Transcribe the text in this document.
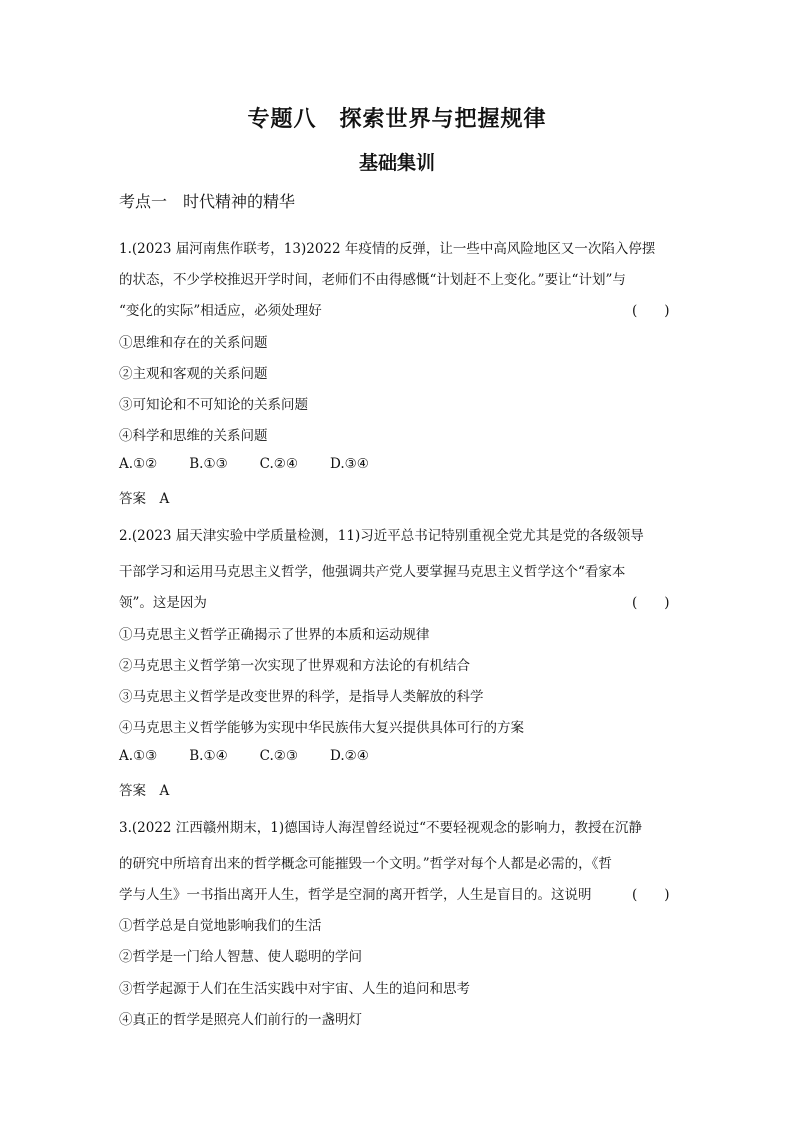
专题八　探索世界与把握规律
基础集训
考点一　时代精神的精华
1.(2023 届河南焦作联考，13)2022 年疫情的反弹，让一些中高风险地区又一次陷入停摆
的状态，不少学校推迟开学时间，老师们不由得感慨“计划赶不上变化。”要让“计划”与
“变化的实际”相适应，必须处理好	(　　)
①思维和存在的关系问题
②主观和客观的关系问题
③可知论和不可知论的关系问题
④科学和思维的关系问题
A.①② B.①③ C.②④ D.③④
答案　A
2.(2023 届天津实验中学质量检测，11)习近平总书记特别重视全党尤其是党的各级领导
干部学习和运用马克思主义哲学，他强调共产党人要掌握马克思主义哲学这个“看家本
领”。这是因为	(　　)
①马克思主义哲学正确揭示了世界的本质和运动规律
②马克思主义哲学第一次实现了世界观和方法论的有机结合
③马克思主义哲学是改变世界的科学，是指导人类解放的科学
④马克思主义哲学能够为实现中华民族伟大复兴提供具体可行的方案
A.①③ B.①④ C.②③ D.②④
答案　A
3.(2022 江西赣州期末，1)德国诗人海涅曾经说过“不要轻视观念的影响力，教授在沉静
的研究中所培育出来的哲学概念可能摧毁一个文明。”哲学对每个人都是必需的，《哲
学与人生》一书指出离开人生，哲学是空洞的离开哲学，人生是盲目的。这说明	(　　)
①哲学总是自觉地影响我们的生活
②哲学是一门给人智慧、使人聪明的学问
③哲学起源于人们在生活实践中对宇宙、人生的追问和思考
④真正的哲学是照亮人们前行的一盏明灯
